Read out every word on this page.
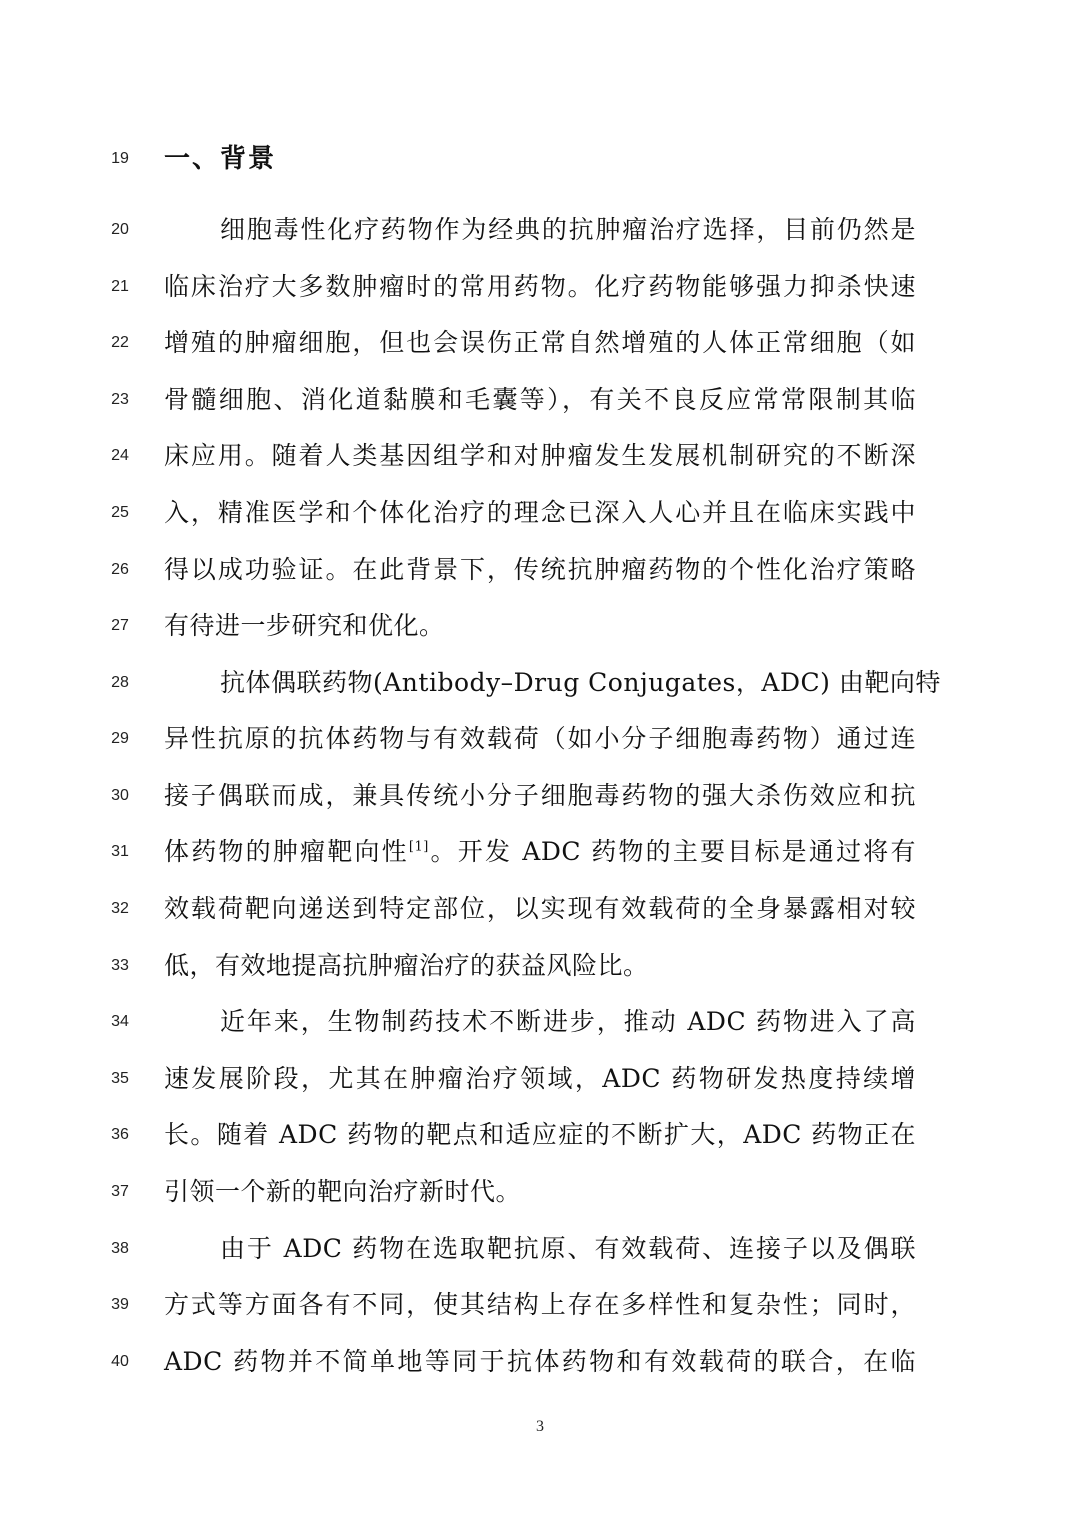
19	一、背景
20	细胞毒性化疗药物作为经典的抗肿瘤治疗选择，目前仍然是
21	临床治疗大多数肿瘤时的常用药物。化疗药物能够强力抑杀快速
22	增殖的肿瘤细胞，但也会误伤正常自然增殖的人体正常细胞（如
23	骨髓细胞、消化道黏膜和毛囊等），有关不良反应常常限制其临
24	床应用。随着人类基因组学和对肿瘤发生发展机制研究的不断深
25	入，精准医学和个体化治疗的理念已深入人心并且在临床实践中
26	得以成功验证。在此背景下，传统抗肿瘤药物的个性化治疗策略
27	有待进一步研究和优化。
28	抗体偶联药物(Antibody–Drug Conjugates，ADC) 由靶向特
29	异性抗原的抗体药物与有效载荷（如小分子细胞毒药物）通过连
30	接子偶联而成，兼具传统小分子细胞毒药物的强大杀伤效应和抗
31	体药物的肿瘤靶向性[1]。开发 ADC 药物的主要目标是通过将有
32	效载荷靶向递送到特定部位，以实现有效载荷的全身暴露相对较
33	低，有效地提高抗肿瘤治疗的获益风险比。
34	近年来，生物制药技术不断进步，推动 ADC 药物进入了高
35	速发展阶段，尤其在肿瘤治疗领域，ADC 药物研发热度持续增
36	长。随着 ADC 药物的靶点和适应症的不断扩大，ADC 药物正在
37	引领一个新的靶向治疗新时代。
38	由于 ADC 药物在选取靶抗原、有效载荷、连接子以及偶联
39	方式等方面各有不同，使其结构上存在多样性和复杂性；同时，
40	ADC 药物并不简单地等同于抗体药物和有效载荷的联合，在临
3
